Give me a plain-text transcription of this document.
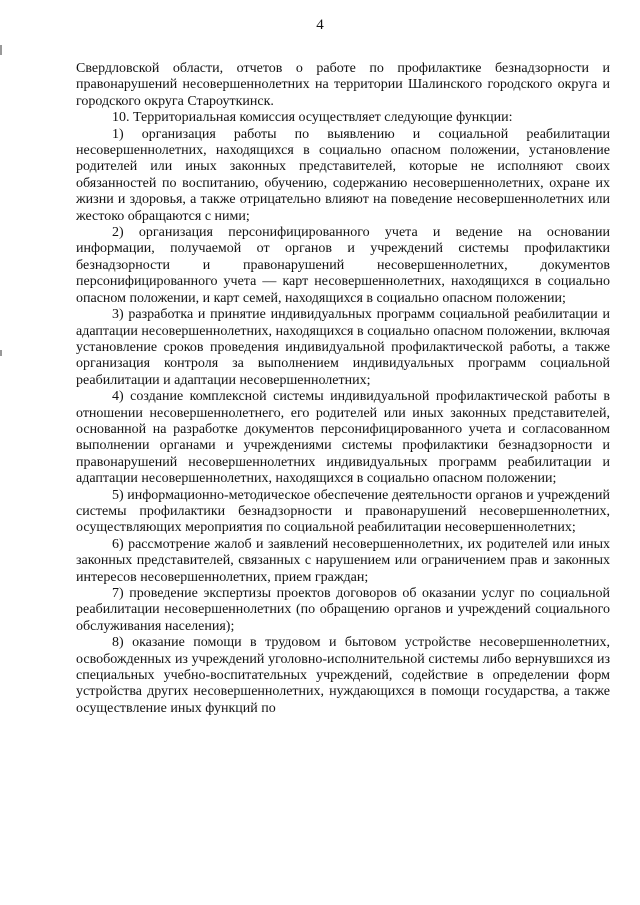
4

Свердловской области, отчетов о работе по профилактике безнадзорности и правонарушений несовершеннолетних на территории Шалинского городского округа и городского округа Староуткинск.

10. Территориальная комиссия осуществляет следующие функции:

1) организация работы по выявлению и социальной реабилитации несовершеннолетних, находящихся в социально опасном положении, установление родителей или иных законных представителей, которые не исполняют своих обязанностей по воспитанию, обучению, содержанию несовершеннолетних, охране их жизни и здоровья, а также отрицательно влияют на поведение несовершеннолетних или жестоко обращаются с ними;

2) организация персонифицированного учета и ведение на основании информации, получаемой от органов и учреждений системы профилактики безнадзорности и правонарушений несовершеннолетних, документов персонифицированного учета — карт несовершеннолетних, находящихся в социально опасном положении, и карт семей, находящихся в социально опасном положении;

3) разработка и принятие индивидуальных программ социальной реабилитации и адаптации несовершеннолетних, находящихся в социально опасном положении, включая установление сроков проведения индивидуальной профилактической работы, а также организация контроля за выполнением индивидуальных программ социальной реабилитации и адаптации несовершеннолетних;

4) создание комплексной системы индивидуальной профилактической работы в отношении несовершеннолетнего, его родителей или иных законных представителей, основанной на разработке документов персонифицированного учета и согласованном выполнении органами и учреждениями системы профилактики безнадзорности и правонарушений несовершеннолетних индивидуальных программ реабилитации и адаптации несовершеннолетних, находящихся в социально опасном положении;

5) информационно-методическое обеспечение деятельности органов и учреждений системы профилактики безнадзорности и правонарушений несовершеннолетних, осуществляющих мероприятия по социальной реабилитации несовершеннолетних;

6) рассмотрение жалоб и заявлений несовершеннолетних, их родителей или иных законных представителей, связанных с нарушением или ограничением прав и законных интересов несовершеннолетних, прием граждан;

7) проведение экспертизы проектов договоров об оказании услуг по социальной реабилитации несовершеннолетних (по обращению органов и учреждений социального обслуживания населения);

8) оказание помощи в трудовом и бытовом устройстве несовершеннолетних, освобожденных из учреждений уголовно-исполнительной системы либо вернувшихся из специальных учебно-воспитательных учреждений, содействие в определении форм устройства других несовершеннолетних, нуждающихся в помощи государства, а также осуществление иных функций по
